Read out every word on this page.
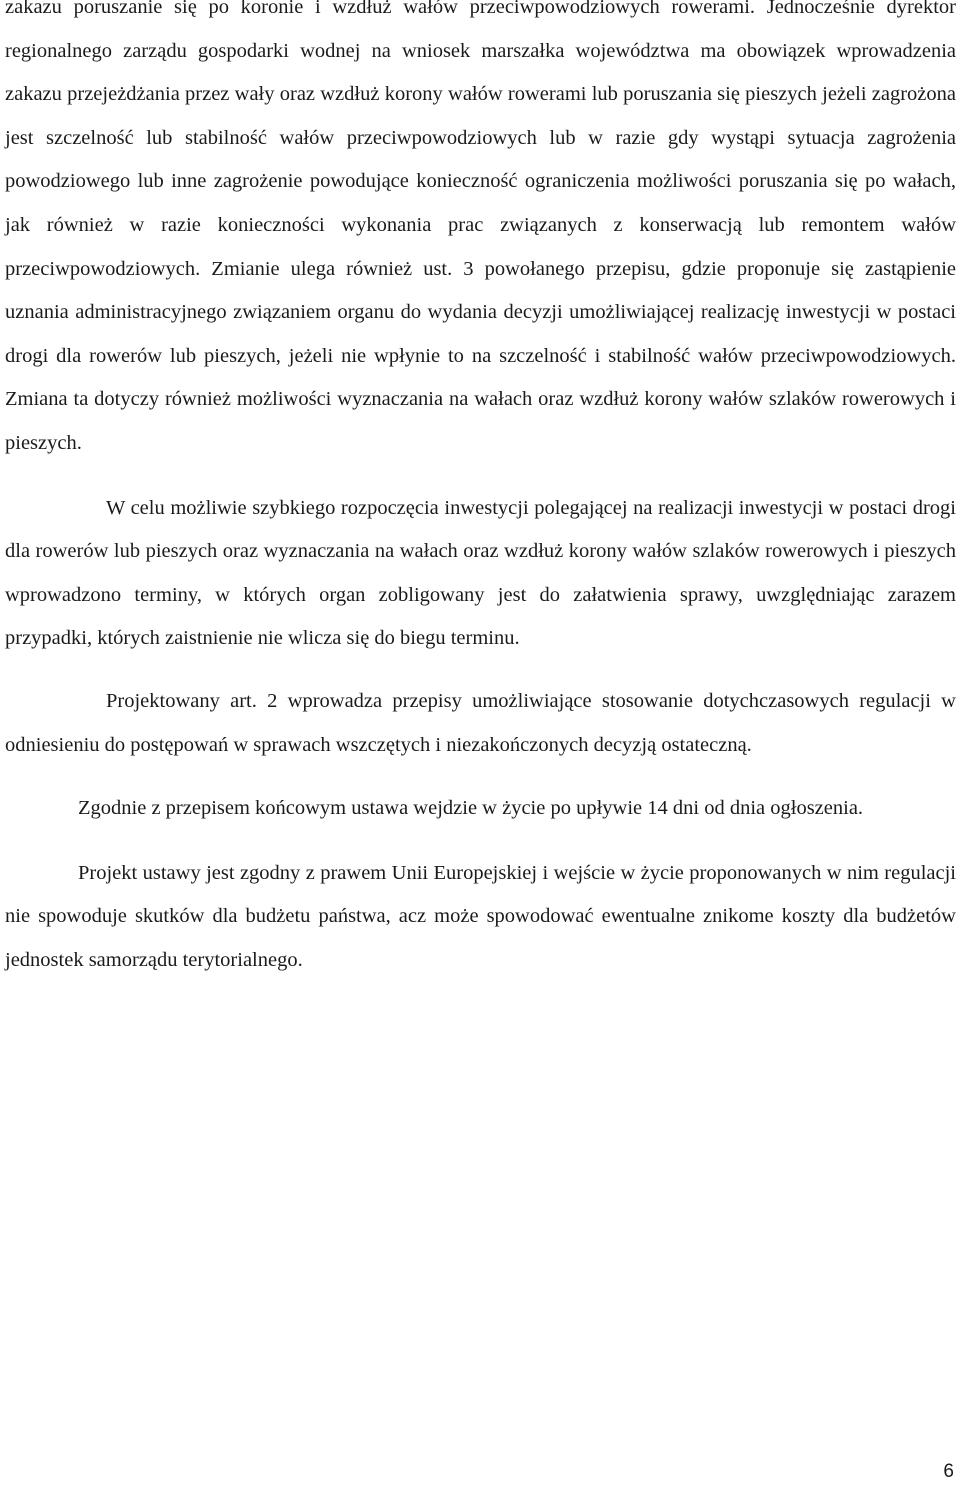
zakazu poruszanie się po koronie i wzdłuż wałów przeciwpowodziowych rowerami. Jednocześnie dyrektor regionalnego zarządu gospodarki wodnej na wniosek marszałka województwa ma obowiązek wprowadzenia zakazu przejeżdżania przez wały oraz wzdłuż korony wałów rowerami lub poruszania się pieszych jeżeli zagrożona jest szczelność lub stabilność wałów przeciwpowodziowych lub w razie gdy wystąpi sytuacja zagrożenia powodziowego lub inne zagrożenie powodujące konieczność ograniczenia możliwości poruszania się po wałach, jak również w razie konieczności wykonania prac związanych z konserwacją lub remontem wałów przeciwpowodziowych. Zmianie ulega również ust. 3 powołanego przepisu, gdzie proponuje się zastąpienie uznania administracyjnego związaniem organu do wydania decyzji umożliwiającej realizację inwestycji w postaci drogi dla rowerów lub pieszych, jeżeli nie wpłynie to na szczelność i stabilność wałów przeciwpowodziowych. Zmiana ta dotyczy również możliwości wyznaczania na wałach oraz wzdłuż korony wałów szlaków rowerowych i pieszych.

W celu możliwie szybkiego rozpoczęcia inwestycji polegającej na realizacji inwestycji w postaci drogi dla rowerów lub pieszych oraz wyznaczania na wałach oraz wzdłuż korony wałów szlaków rowerowych i pieszych wprowadzono terminy, w których organ zobligowany jest do załatwienia sprawy, uwzględniając zarazem przypadki, których zaistnienie nie wlicza się do biegu terminu.

Projektowany art. 2 wprowadza przepisy umożliwiające stosowanie dotychczasowych regulacji w odniesieniu do postępowań w sprawach wszczętych i niezakończonych decyzją ostateczną.

Zgodnie z przepisem końcowym ustawa wejdzie w życie po upływie 14 dni od dnia ogłoszenia.

Projekt ustawy jest zgodny z prawem Unii Europejskiej i wejście w życie proponowanych w nim regulacji nie spowoduje skutków dla budżetu państwa, acz może spowodować ewentualne znikome koszty dla budżetów jednostek samorządu terytorialnego.

6
